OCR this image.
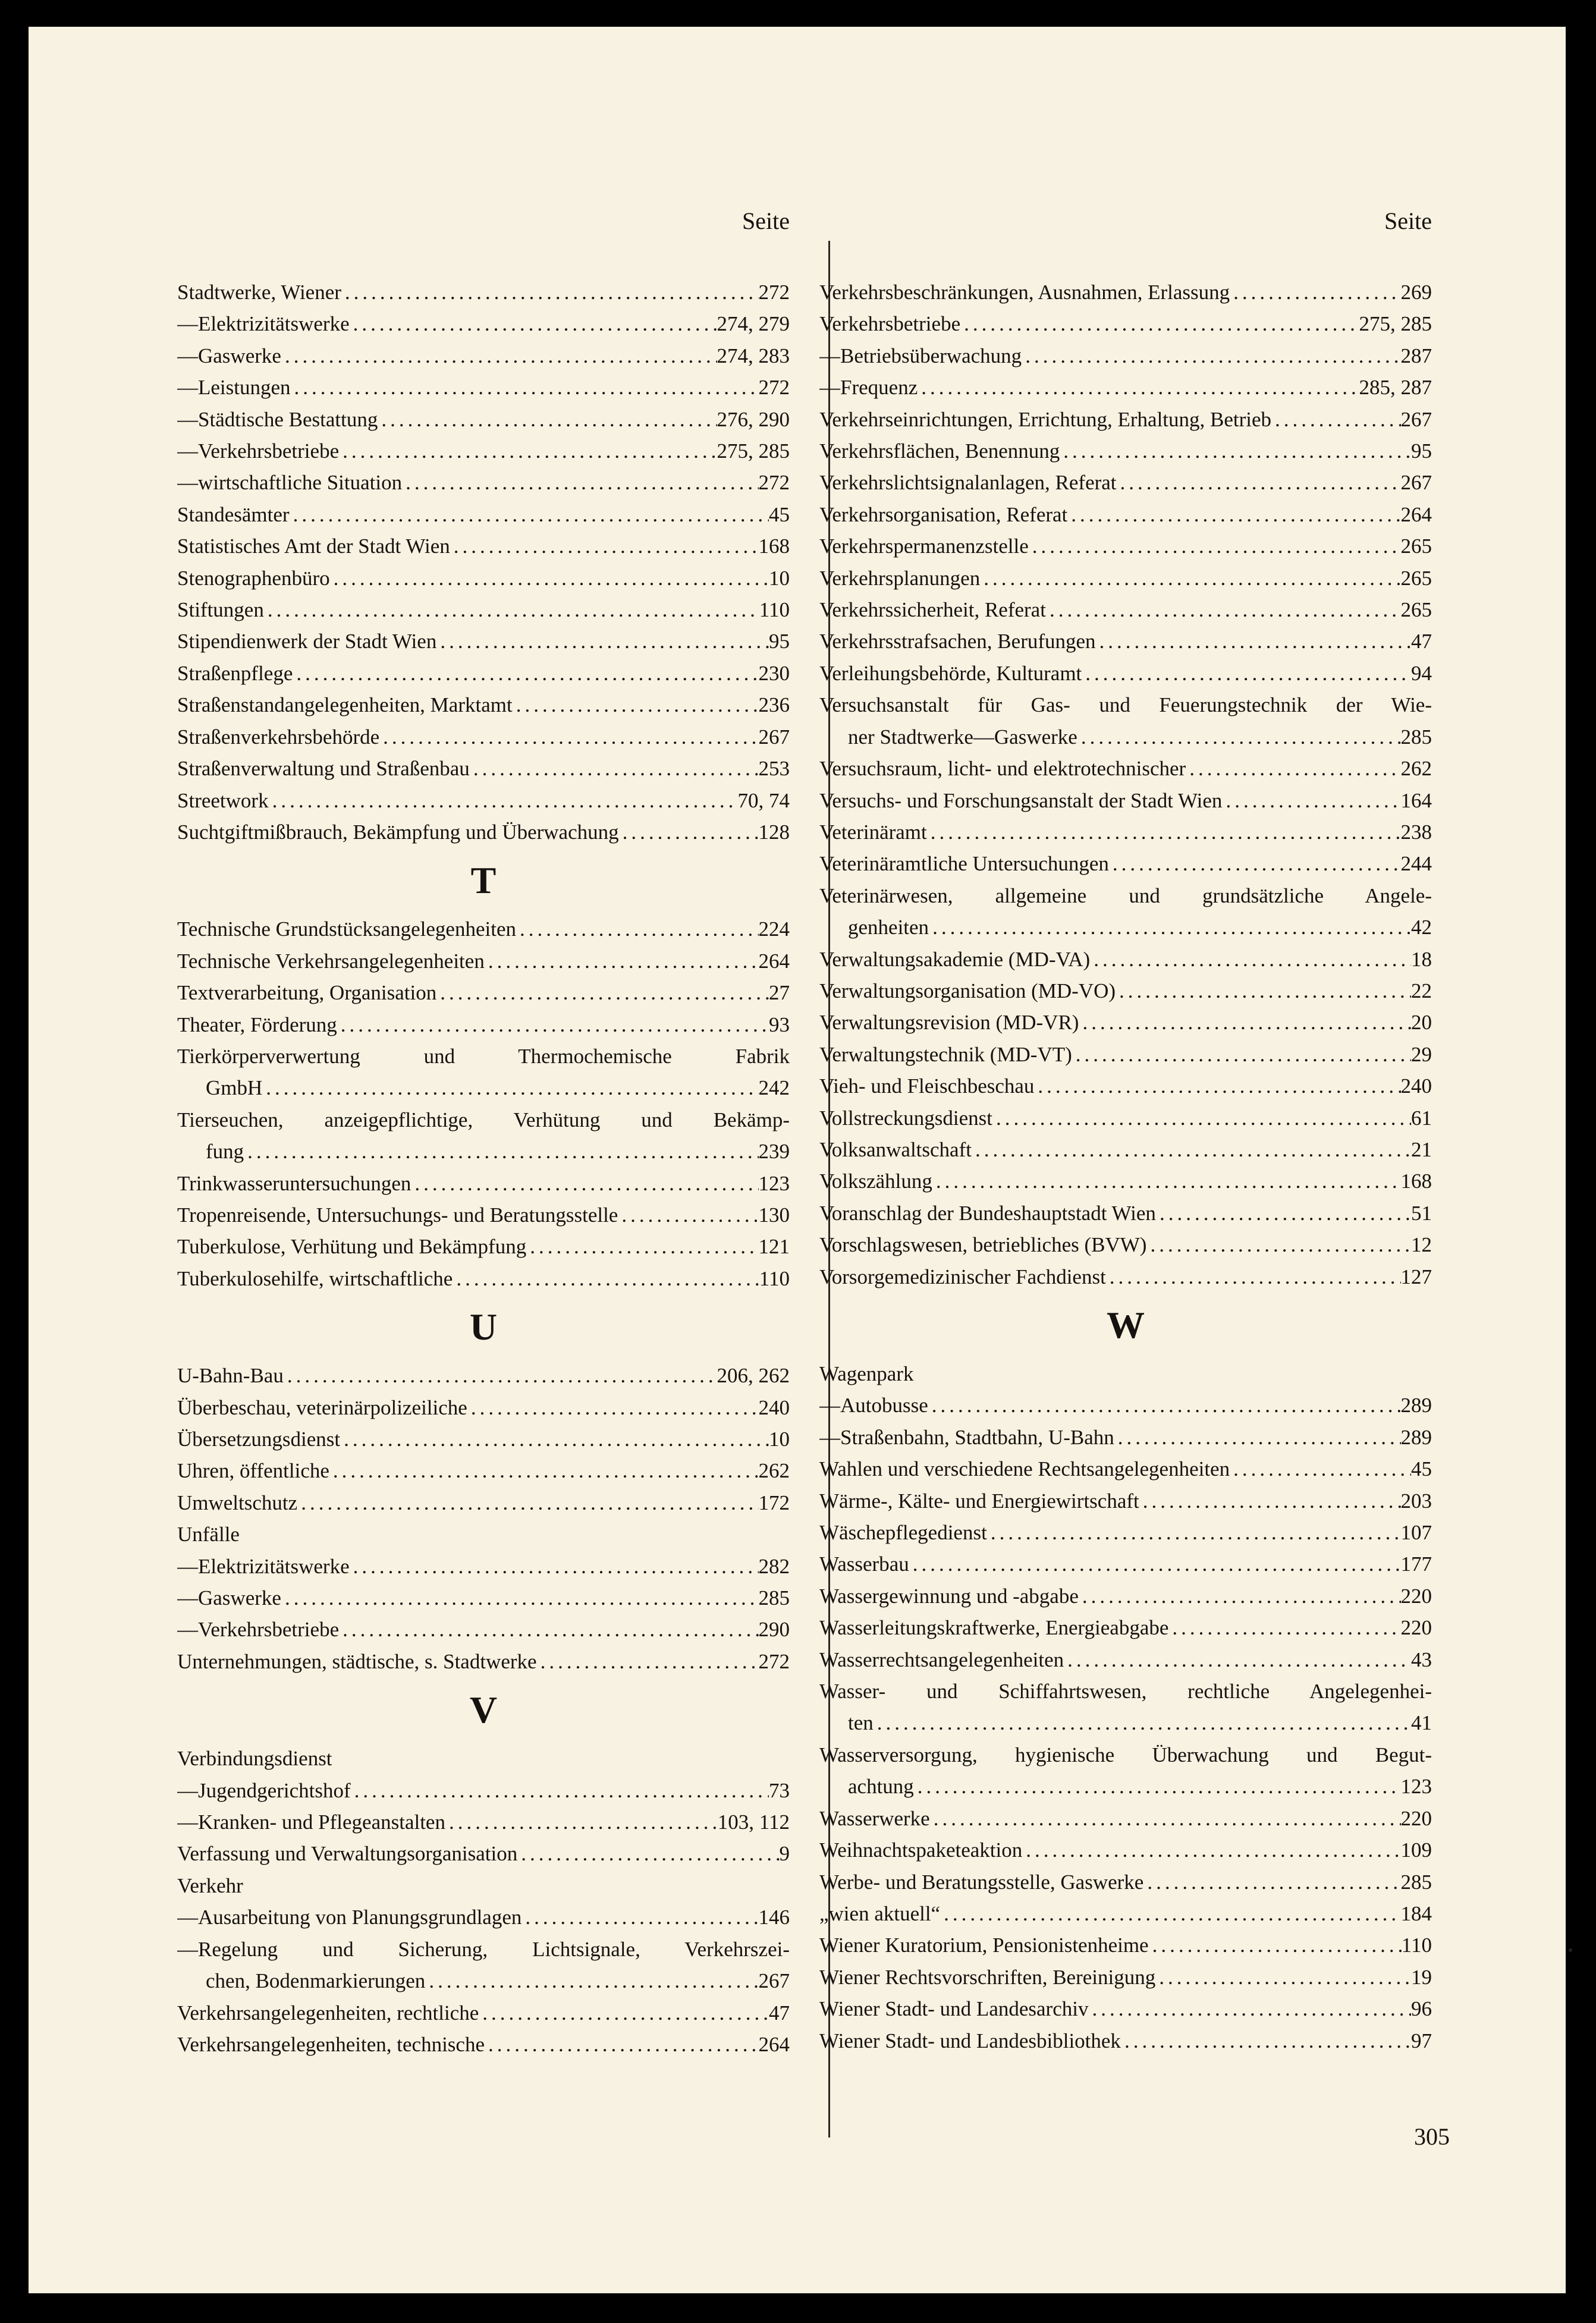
Seite
Stadtwerke, Wiener .....	272
—Elektrizitätswerke .....	274, 279
—Gaswerke .....	274, 283
—Leistungen .....	272
—Städtische Bestattung .....	276, 290
—Verkehrsbetriebe .....	275, 285
—wirtschaftliche Situation .....	272
Standesämter .....	45
Statistisches Amt der Stadt Wien .....	168
Stenographenbüro .....	10
Stiftungen .....	110
Stipendienwerk der Stadt Wien .....	95
Straßenpflege .....	230
Straßenstandangelegenheiten, Marktamt .....	236
Straßenverkehrsbehörde .....	267
Straßenverwaltung und Straßenbau .....	253
Streetwork .....	70, 74
Suchtgiftmißbrauch, Bekämpfung und Überwachung .....	128
T
Technische Grundstücksangelegenheiten .....	224
Technische Verkehrsangelegenheiten .....	264
Textverarbeitung, Organisation .....	27
Theater, Förderung .....	93
Tierkörperverwertung und Thermochemische Fabrik
GmbH .....	242
Tierseuchen, anzeigepflichtige, Verhütung und Bekämp-
fung .....	239
Trinkwasseruntersuchungen .....	123
Tropenreisende, Untersuchungs- und Beratungsstelle .....	130
Tuberkulose, Verhütung und Bekämpfung .....	121
Tuberkulosehilfe, wirtschaftliche .....	110
U
U-Bahn-Bau .....	206, 262
Überbeschau, veterinärpolizeiliche .....	240
Übersetzungsdienst .....	10
Uhren, öffentliche .....	262
Umweltschutz .....	172
Unfälle
—Elektrizitätswerke .....	282
—Gaswerke .....	285
—Verkehrsbetriebe .....	290
Unternehmungen, städtische, s. Stadtwerke .....	272
V
Verbindungsdienst
—Jugendgerichtshof .....	73
—Kranken- und Pflegeanstalten .....	103, 112
Verfassung und Verwaltungsorganisation .....	9
Verkehr
—Ausarbeitung von Planungsgrundlagen .....	146
—Regelung und Sicherung, Lichtsignale, Verkehrszei-
chen, Bodenmarkierungen .....	267
Verkehrsangelegenheiten, rechtliche .....	47
Verkehrsangelegenheiten, technische .....	264
Seite
Verkehrsbeschränkungen, Ausnahmen, Erlassung .....	269
Verkehrsbetriebe .....	275, 285
—Betriebsüberwachung .....	287
—Frequenz .....	285, 287
Verkehrseinrichtungen, Errichtung, Erhaltung, Betrieb .....	267
Verkehrsflächen, Benennung .....	95
Verkehrslichtsignalanlagen, Referat .....	267
Verkehrsorganisation, Referat .....	264
Verkehrspermanenzstelle .....	265
Verkehrsplanungen .....	265
Verkehrssicherheit, Referat .....	265
Verkehrsstrafsachen, Berufungen .....	47
Verleihungsbehörde, Kulturamt .....	94
Versuchsanstalt für Gas- und Feuerungstechnik der Wie-
ner Stadtwerke—Gaswerke .....	285
Versuchsraum, licht- und elektrotechnischer .....	262
Versuchs- und Forschungsanstalt der Stadt Wien .....	164
Veterinäramt .....	238
Veterinäramtliche Untersuchungen .....	244
Veterinärwesen, allgemeine und grundsätzliche Angele-
genheiten .....	42
Verwaltungsakademie (MD-VA) .....	18
Verwaltungsorganisation (MD-VO) .....	22
Verwaltungsrevision (MD-VR) .....	20
Verwaltungstechnik (MD-VT) .....	29
Vieh- und Fleischbeschau .....	240
Vollstreckungsdienst .....	61
Volksanwaltschaft .....	21
Volkszählung .....	168
Voranschlag der Bundeshauptstadt Wien .....	51
Vorschlagswesen, betriebliches (BVW) .....	12
Vorsorgemedizinischer Fachdienst .....	127
W
Wagenpark
—Autobusse .....	289
—Straßenbahn, Stadtbahn, U-Bahn .....	289
Wahlen und verschiedene Rechtsangelegenheiten .....	45
Wärme-, Kälte- und Energiewirtschaft .....	203
Wäschepflegedienst .....	107
Wasserbau .....	177
Wassergewinnung und -abgabe .....	220
Wasserleitungskraftwerke, Energieabgabe .....	220
Wasserrechtsangelegenheiten .....	43
Wasser- und Schiffahrtswesen, rechtliche Angelegenhei-
ten .....	41
Wasserversorgung, hygienische Überwachung und Begut-
achtung .....	123
Wasserwerke .....	220
Weihnachtspaketeaktion .....	109
Werbe- und Beratungsstelle, Gaswerke .....	285
„wien aktuell“ .....	184
Wiener Kuratorium, Pensionistenheime .....	110
Wiener Rechtsvorschriften, Bereinigung .....	19
Wiener Stadt- und Landesarchiv .....	96
Wiener Stadt- und Landesbibliothek .....	97
305
